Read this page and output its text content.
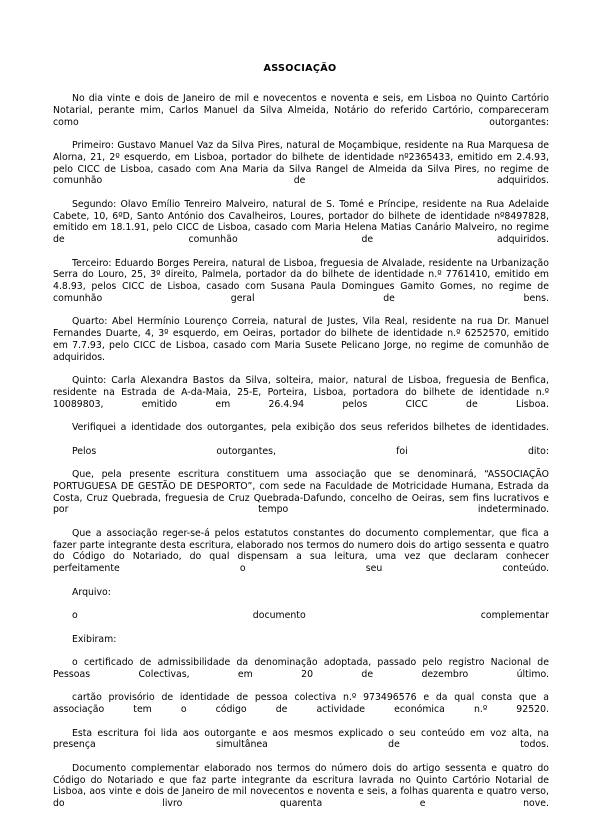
ASSOCIAÇÃO

No dia vinte e dois de Janeiro de mil e novecentos e noventa e seis, em Lisboa no Quinto Cartório Notarial, perante mim, Carlos Manuel da Silva Almeida, Notário do referido Cartório, compareceram como outorgantes:

Primeiro: Gustavo Manuel Vaz da Silva Pires, natural de Moçambique, residente na Rua Marquesa de Alorna, 21, 2º esquerdo, em Lisboa, portador do bilhete de identidade nº2365433, emitido em 2.4.93, pelo CICC de Lisboa, casado com Ana Maria da Silva Rangel de Almeida da Silva Pires, no regime de comunhão de adquiridos.

Segundo: Olavo Emílio Tenreiro Malveiro, natural de S. Tomé e Príncipe, residente na Rua Adelaide Cabete, 10, 6ºD, Santo António dos Cavalheiros, Loures, portador do bilhete de identidade nº8497828, emitido em 18.1.91, pelo CICC de Lisboa, casado com Maria Helena Matias Canário Malveiro, no regime de comunhão de adquiridos.

Terceiro: Eduardo Borges Pereira, natural de Lisboa, freguesia de Alvalade, residente na Urbanização Serra do Louro, 25, 3º direito, Palmela, portador da do bilhete de identidade n.º 7761410, emitido em 4.8.93, pelos CICC de Lisboa, casado com Susana Paula Domingues Gamito Gomes, no regime de comunhão geral de bens.

Quarto: Abel Hermínio Lourenço Correia, natural de Justes, Vila Real, residente na rua Dr. Manuel Fernandes Duarte, 4, 3º esquerdo, em Oeiras, portador do bilhete de identidade n.º 6252570, emitido em 7.7.93, pelo CICC de Lisboa, casado com Maria Susete Pelicano Jorge, no regime de comunhão de adquiridos.

Quinto: Carla Alexandra Bastos da Silva, solteira, maior, natural de Lisboa, freguesia de Benfica, residente na Estrada de A-da-Maia, 25-E, Porteira, Lisboa, portadora do bilhete de identidade n.º 10089803, emitido em 26.4.94 pelos CICC de Lisboa.

Verifiquei a identidade dos outorgantes, pela exibição dos seus referidos bilhetes de identidades.

Pelos outorgantes, foi dito:

Que, pela presente escritura constituem uma associação que se denominará, “ASSOCIAÇÃO PORTUGUESA DE GESTÃO DE DESPORTO”, com sede na Faculdade de Motricidade Humana, Estrada da Costa, Cruz Quebrada, freguesia de Cruz Quebrada-Dafundo, concelho de Oeiras, sem fins lucrativos e por tempo indeterminado.

Que a associação reger-se-á pelos estatutos constantes do documento complementar, que fica a fazer parte integrante desta escritura, elaborado nos termos do numero dois do artigo sessenta e quatro do Código do Notariado, do qual dispensam a sua leitura, uma vez que declaram conhecer perfeitamente o seu conteúdo.

Arquivo:

o documento complementar

Exibiram:

o certificado de admissibilidade da denominação adoptada, passado pelo registro Nacional de Pessoas Colectivas, em 20 de dezembro último.

cartão provisório de identidade de pessoa colectiva n.º 973496576 e da qual consta que a associação tem o código de actividade económica n.º 92520.

Esta escritura foi lida aos outorgante e aos mesmos explicado o seu conteúdo em voz alta, na presença simultânea de todos.

Documento complementar elaborado nos termos do número dois do artigo sessenta e quatro do Código do Notariado e que faz parte integrante da escritura lavrada no Quinto Cartório Notarial de Lisboa, aos vinte e dois de Janeiro de mil novecentos e noventa e seis, a folhas quarenta e quatro verso, do livro quarenta e nove.
